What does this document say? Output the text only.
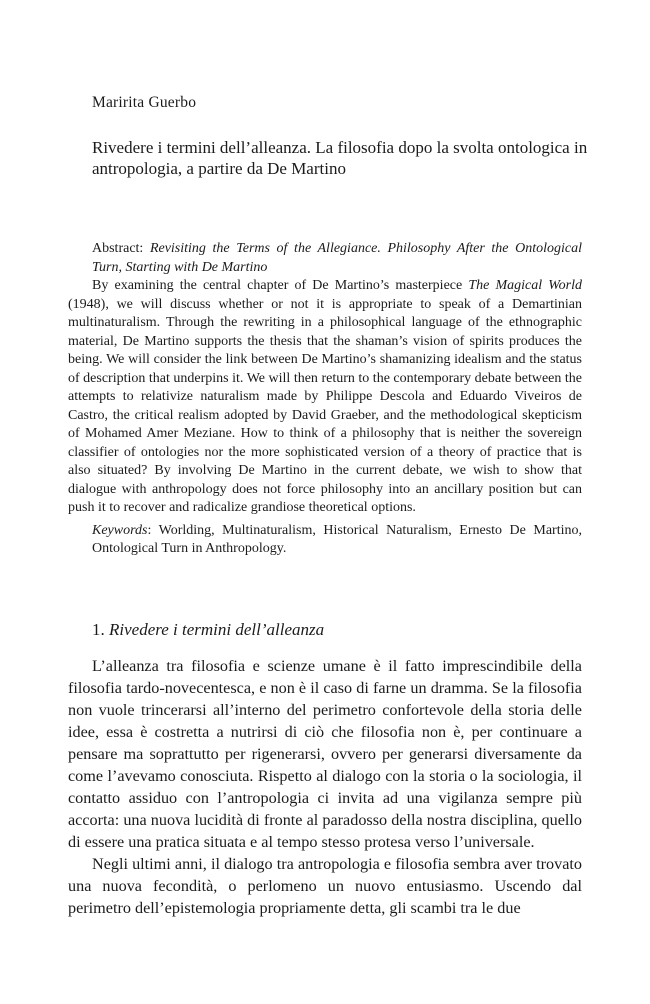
Maririta Guerbo
Rivedere i termini dell’alleanza. La filosofia dopo la svolta ontologica in antropologia, a partire da De Martino

Abstract: Revisiting the Terms of the Allegiance. Philosophy After the Ontological Turn, Starting with De Martino

By examining the central chapter of De Martino’s masterpiece The Magical World (1948), we will discuss whether or not it is appropriate to speak of a Demartinian multinaturalism. Through the rewriting in a philosophical language of the ethnographic material, De Martino supports the thesis that the shaman’s vision of spirits produces the being. We will consider the link between De Martino’s shamanizing idealism and the status of description that underpins it. We will then return to the contemporary debate between the attempts to relativize naturalism made by Philippe Descola and Eduardo Viveiros de Castro, the critical realism adopted by David Graeber, and the methodological skepticism of Mohamed Amer Meziane. How to think of a philosophy that is neither the sovereign classifier of ontologies nor the more sophisticated version of a theory of practice that is also situated? By involving De Martino in the current debate, we wish to show that dialogue with anthropology does not force philosophy into an ancillary position but can push it to recover and radicalize grandiose theoretical options.

Keywords: Worlding, Multinaturalism, Historical Naturalism, Ernesto De Martino, Ontological Turn in Anthropology.

1. Rivedere i termini dell’alleanza

L’alleanza tra filosofia e scienze umane è il fatto imprescindibile della filosofia tardo-novecentesca, e non è il caso di farne un dramma. Se la filosofia non vuole trincerarsi all’interno del perimetro confortevole della storia delle idee, essa è costretta a nutrirsi di ciò che filosofia non è, per continuare a pensare ma soprattutto per rigenerarsi, ovvero per generarsi diversamente da come l’avevamo conosciuta. Rispetto al dialogo con la storia o la sociologia, il contatto assiduo con l’antropologia ci invita ad una vigilanza sempre più accorta: una nuova lucidità di fronte al paradosso della nostra disciplina, quello di essere una pratica situata e al tempo stesso protesa verso l’universale.

Negli ultimi anni, il dialogo tra antropologia e filosofia sembra aver trovato una nuova fecondità, o perlomeno un nuovo entusiasmo. Uscendo dal perimetro dell’epistemologia propriamente detta, gli scambi tra le due
